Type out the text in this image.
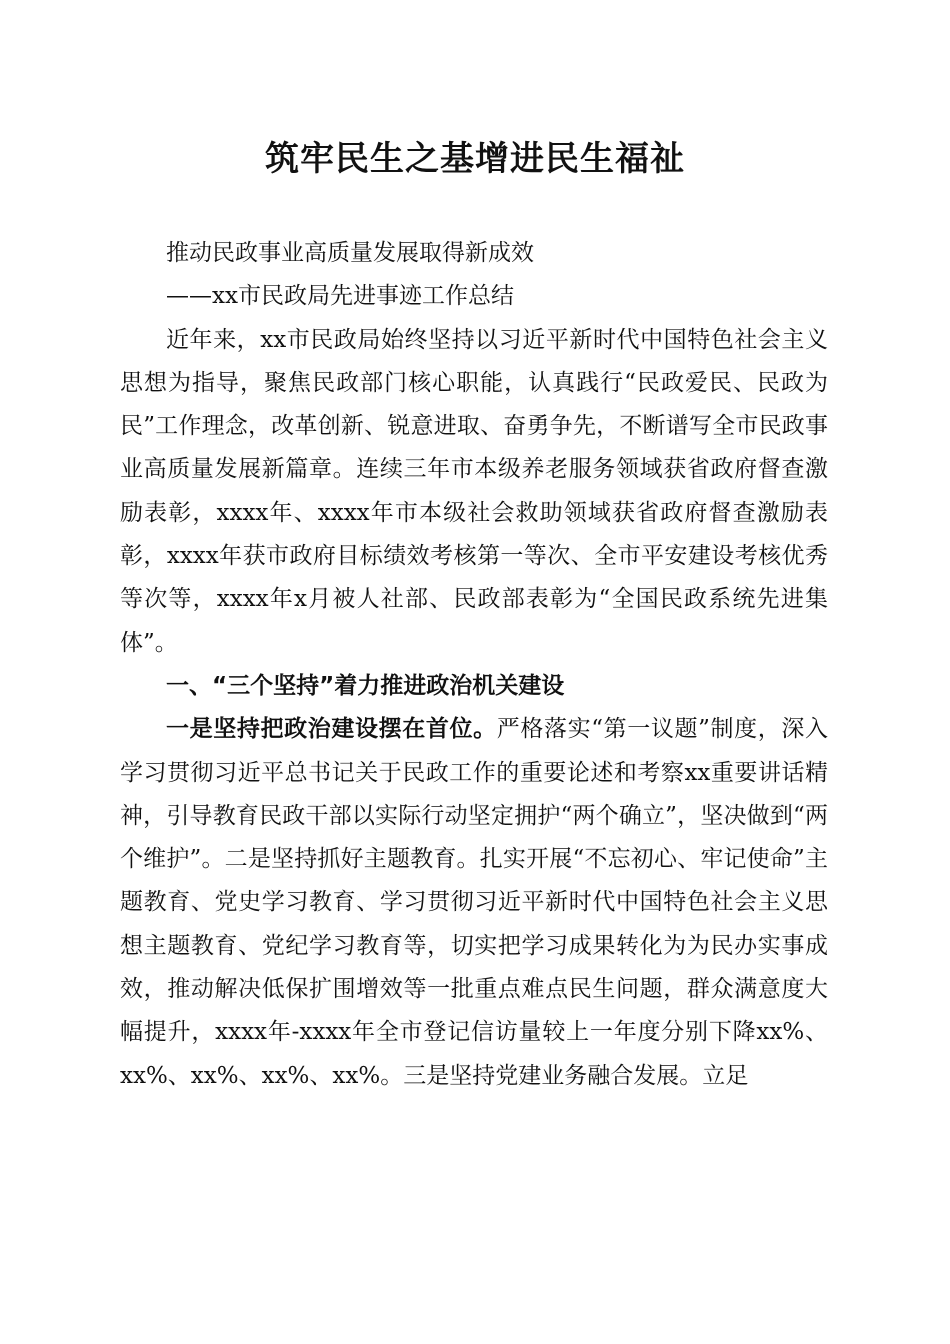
筑牢民生之基增进民生福祉

推动民政事业高质量发展取得新成效

——xx市民政局先进事迹工作总结

近年来，xx市民政局始终坚持以习近平新时代中国特色社会主义思想为指导，聚焦民政部门核心职能，认真践行“民政爱民、民政为民”工作理念，改革创新、锐意进取、奋勇争先，不断谱写全市民政事业高质量发展新篇章。连续三年市本级养老服务领域获省政府督查激励表彰，xxxx年、xxxx年市本级社会救助领域获省政府督查激励表彰，xxxx年获市政府目标绩效考核第一等次、全市平安建设考核优秀等次等，xxxx年x月被人社部、民政部表彰为“全国民政系统先进集体”。

一、“三个坚持”着力推进政治机关建设

一是坚持把政治建设摆在首位。严格落实“第一议题”制度，深入学习贯彻习近平总书记关于民政工作的重要论述和考察xx重要讲话精神，引导教育民政干部以实际行动坚定拥护“两个确立”，坚决做到“两个维护”。二是坚持抓好主题教育。扎实开展“不忘初心、牢记使命”主题教育、党史学习教育、学习贯彻习近平新时代中国特色社会主义思想主题教育、党纪学习教育等，切实把学习成果转化为为民办实事成效，推动解决低保扩围增效等一批重点难点民生问题，群众满意度大幅提升，xxxx年-xxxx年全市登记信访量较上一年度分别下降xx%、xx%、xx%、xx%、xx%。三是坚持党建业务融合发展。立足
